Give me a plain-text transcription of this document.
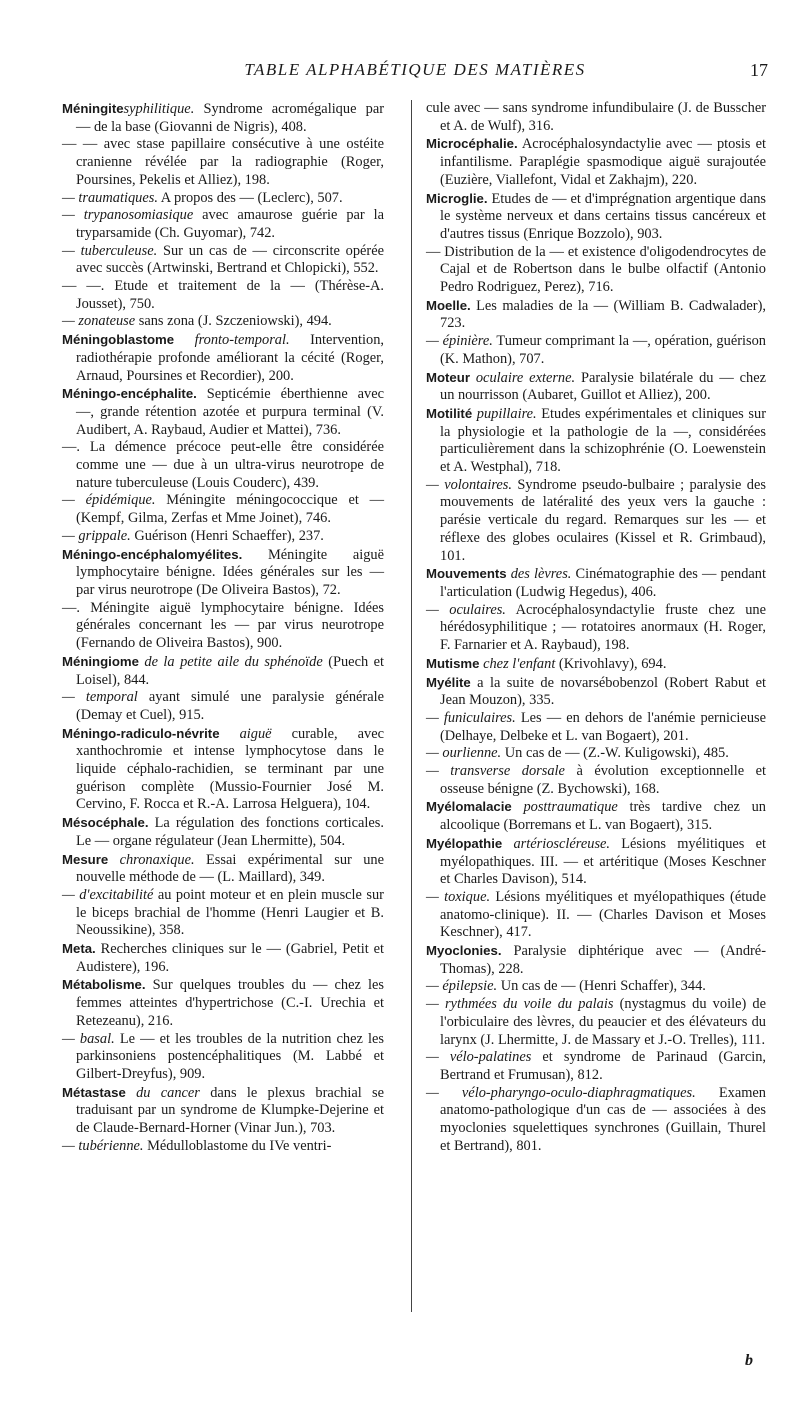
TABLE ALPHABÉTIQUE DES MATIÈRES	17

Méningitesyphilitique. Syndrome acromégalique par — de la base (Giovanni de Nigris), 408.

— — avec stase papillaire consécutive à une ostéite cranienne révélée par la radiographie (Roger, Poursines, Pekelis et Alliez), 198.

— traumatiques. A propos des — (Leclerc), 507.

— trypanosomiasique avec amaurose guérie par la tryparsamide (Ch. Guyomar), 742.

— tuberculeuse. Sur un cas de — circonscrite opérée avec succès (Artwinski, Bertrand et Chlopicki), 552.

— —. Etude et traitement de la — (Thérèse-A. Jousset), 750.

— zonateuse sans zona (J. Szczeniowski), 494.

Méningoblastome fronto-temporal. Intervention, radiothérapie profonde améliorant la cécité (Roger, Arnaud, Poursines et Recordier), 200.

Méningo-encéphalite. Septicémie éberthienne avec —, grande rétention azotée et purpura terminal (V. Audibert, A. Raybaud, Audier et Mattei), 736.

—. La démence précoce peut-elle être considérée comme une — due à un ultra-virus neurotrope de nature tuberculeuse (Louis Couderc), 439.

— épidémique. Méningite méningococcique et — (Kempf, Gilma, Zerfas et Mme Joinet), 746.

— grippale. Guérison (Henri Schaeffer), 237.

Méningo-encéphalomyélites. Méningite aiguë lymphocytaire bénigne. Idées générales sur les — par virus neurotrope (De Oliveira Bastos), 72.

—. Méningite aiguë lymphocytaire bénigne. Idées générales concernant les — par virus neurotrope (Fernando de Oliveira Bastos), 900.

Méningiome de la petite aile du sphénoïde (Puech et Loisel), 844.

— temporal ayant simulé une paralysie générale (Demay et Cuel), 915.

Méningo-radiculo-névrite aiguë curable, avec xanthochromie et intense lymphocytose dans le liquide céphalo-rachidien, se terminant par une guérison complète (Mussio-Fournier José M. Cervino, F. Rocca et R.-A. Larrosa Helguera), 104.

Mésocéphale. La régulation des fonctions corticales. Le — organe régulateur (Jean Lhermitte), 504.

Mesure chronaxique. Essai expérimental sur une nouvelle méthode de — (L. Maillard), 349.

— d'excitabilité au point moteur et en plein muscle sur le biceps brachial de l'homme (Henri Laugier et B. Neoussikine), 358.

Meta. Recherches cliniques sur le — (Gabriel, Petit et Audistere), 196.

Métabolisme. Sur quelques troubles du — chez les femmes atteintes d'hypertrichose (C.-I. Urechia et Retezeanu), 216.

— basal. Le — et les troubles de la nutrition chez les parkinsoniens postencéphalitiques (M. Labbé et Gilbert-Dreyfus), 909.

Métastase du cancer dans le plexus brachial se traduisant par un syndrome de Klumpke-Dejerine et de Claude-Bernard-Horner (Vinar Jun.), 703.

— tubérienne. Médulloblastome du IVe ventri-

cule avec — sans syndrome infundibulaire (J. de Busscher et A. de Wulf), 316.

Microcéphalie. Acrocéphalosyndactylie avec — ptosis et infantilisme. Paraplégie spasmodique aiguë surajoutée (Euzière, Viallefont, Vidal et Zakhajm), 220.

Microglie. Etudes de — et d'imprégnation argentique dans le système nerveux et dans certains tissus cancéreux et d'autres tissus (Enrique Bozzolo), 903.

— Distribution de la — et existence d'oligodendrocytes de Cajal et de Robertson dans le bulbe olfactif (Antonio Pedro Rodriguez, Perez), 716.

Moelle. Les maladies de la — (William B. Cadwalader), 723.

— épinière. Tumeur comprimant la —, opération, guérison (K. Mathon), 707.

Moteur oculaire externe. Paralysie bilatérale du — chez un nourrisson (Aubaret, Guillot et Alliez), 200.

Motilité pupillaire. Etudes expérimentales et cliniques sur la physiologie et la pathologie de la —, considérées particulièrement dans la schizophrénie (O. Loewenstein et A. Westphal), 718.

— volontaires. Syndrome pseudo-bulbaire ; paralysie des mouvements de latéralité des yeux vers la gauche : parésie verticale du regard. Remarques sur les — et réflexe des globes oculaires (Kissel et R. Grimbaud), 101.

Mouvements des lèvres. Cinématographie des — pendant l'articulation (Ludwig Hegedus), 406.

— oculaires. Acrocéphalosyndactylie fruste chez une hérédosyphilitique ; — rotatoires anormaux (H. Roger, F. Farnarier et A. Raybaud), 198.

Mutisme chez l'enfant (Krivohlavy), 694.

Myélite a la suite de novarsébobenzol (Robert Rabut et Jean Mouzon), 335.

— funiculaires. Les — en dehors de l'anémie pernicieuse (Delhaye, Delbeke et L. van Bogaert), 201.

— ourlienne. Un cas de — (Z.-W. Kuligowski), 485.

— transverse dorsale à évolution exceptionnelle et osseuse bénigne (Z. Bychowski), 168.

Myélomalacie posttraumatique très tardive chez un alcoolique (Borremans et L. van Bogaert), 315.

Myélopathie artérioscléreuse. Lésions myélitiques et myélopathiques. III. — et artéritique (Moses Keschner et Charles Davison), 514.

— toxique. Lésions myélitiques et myélopathiques (étude anatomo-clinique). II. — (Charles Davison et Moses Keschner), 417.

Myoclonies. Paralysie diphtérique avec — (André-Thomas), 228.

— épilepsie. Un cas de — (Henri Schaffer), 344.

— rythmées du voile du palais (nystagmus du voile) de l'orbiculaire des lèvres, du peaucier et des élévateurs du larynx (J. Lhermitte, J. de Massary et J.-O. Trelles), 111.

— vélo-palatines et syndrome de Parinaud (Garcin, Bertrand et Frumusan), 812.

— vélo-pharyngo-oculo-diaphragmatiques. Examen anatomo-pathologique d'un cas de — associées à des myoclonies squelettiques synchrones (Guillain, Thurel et Bertrand), 801.

b
